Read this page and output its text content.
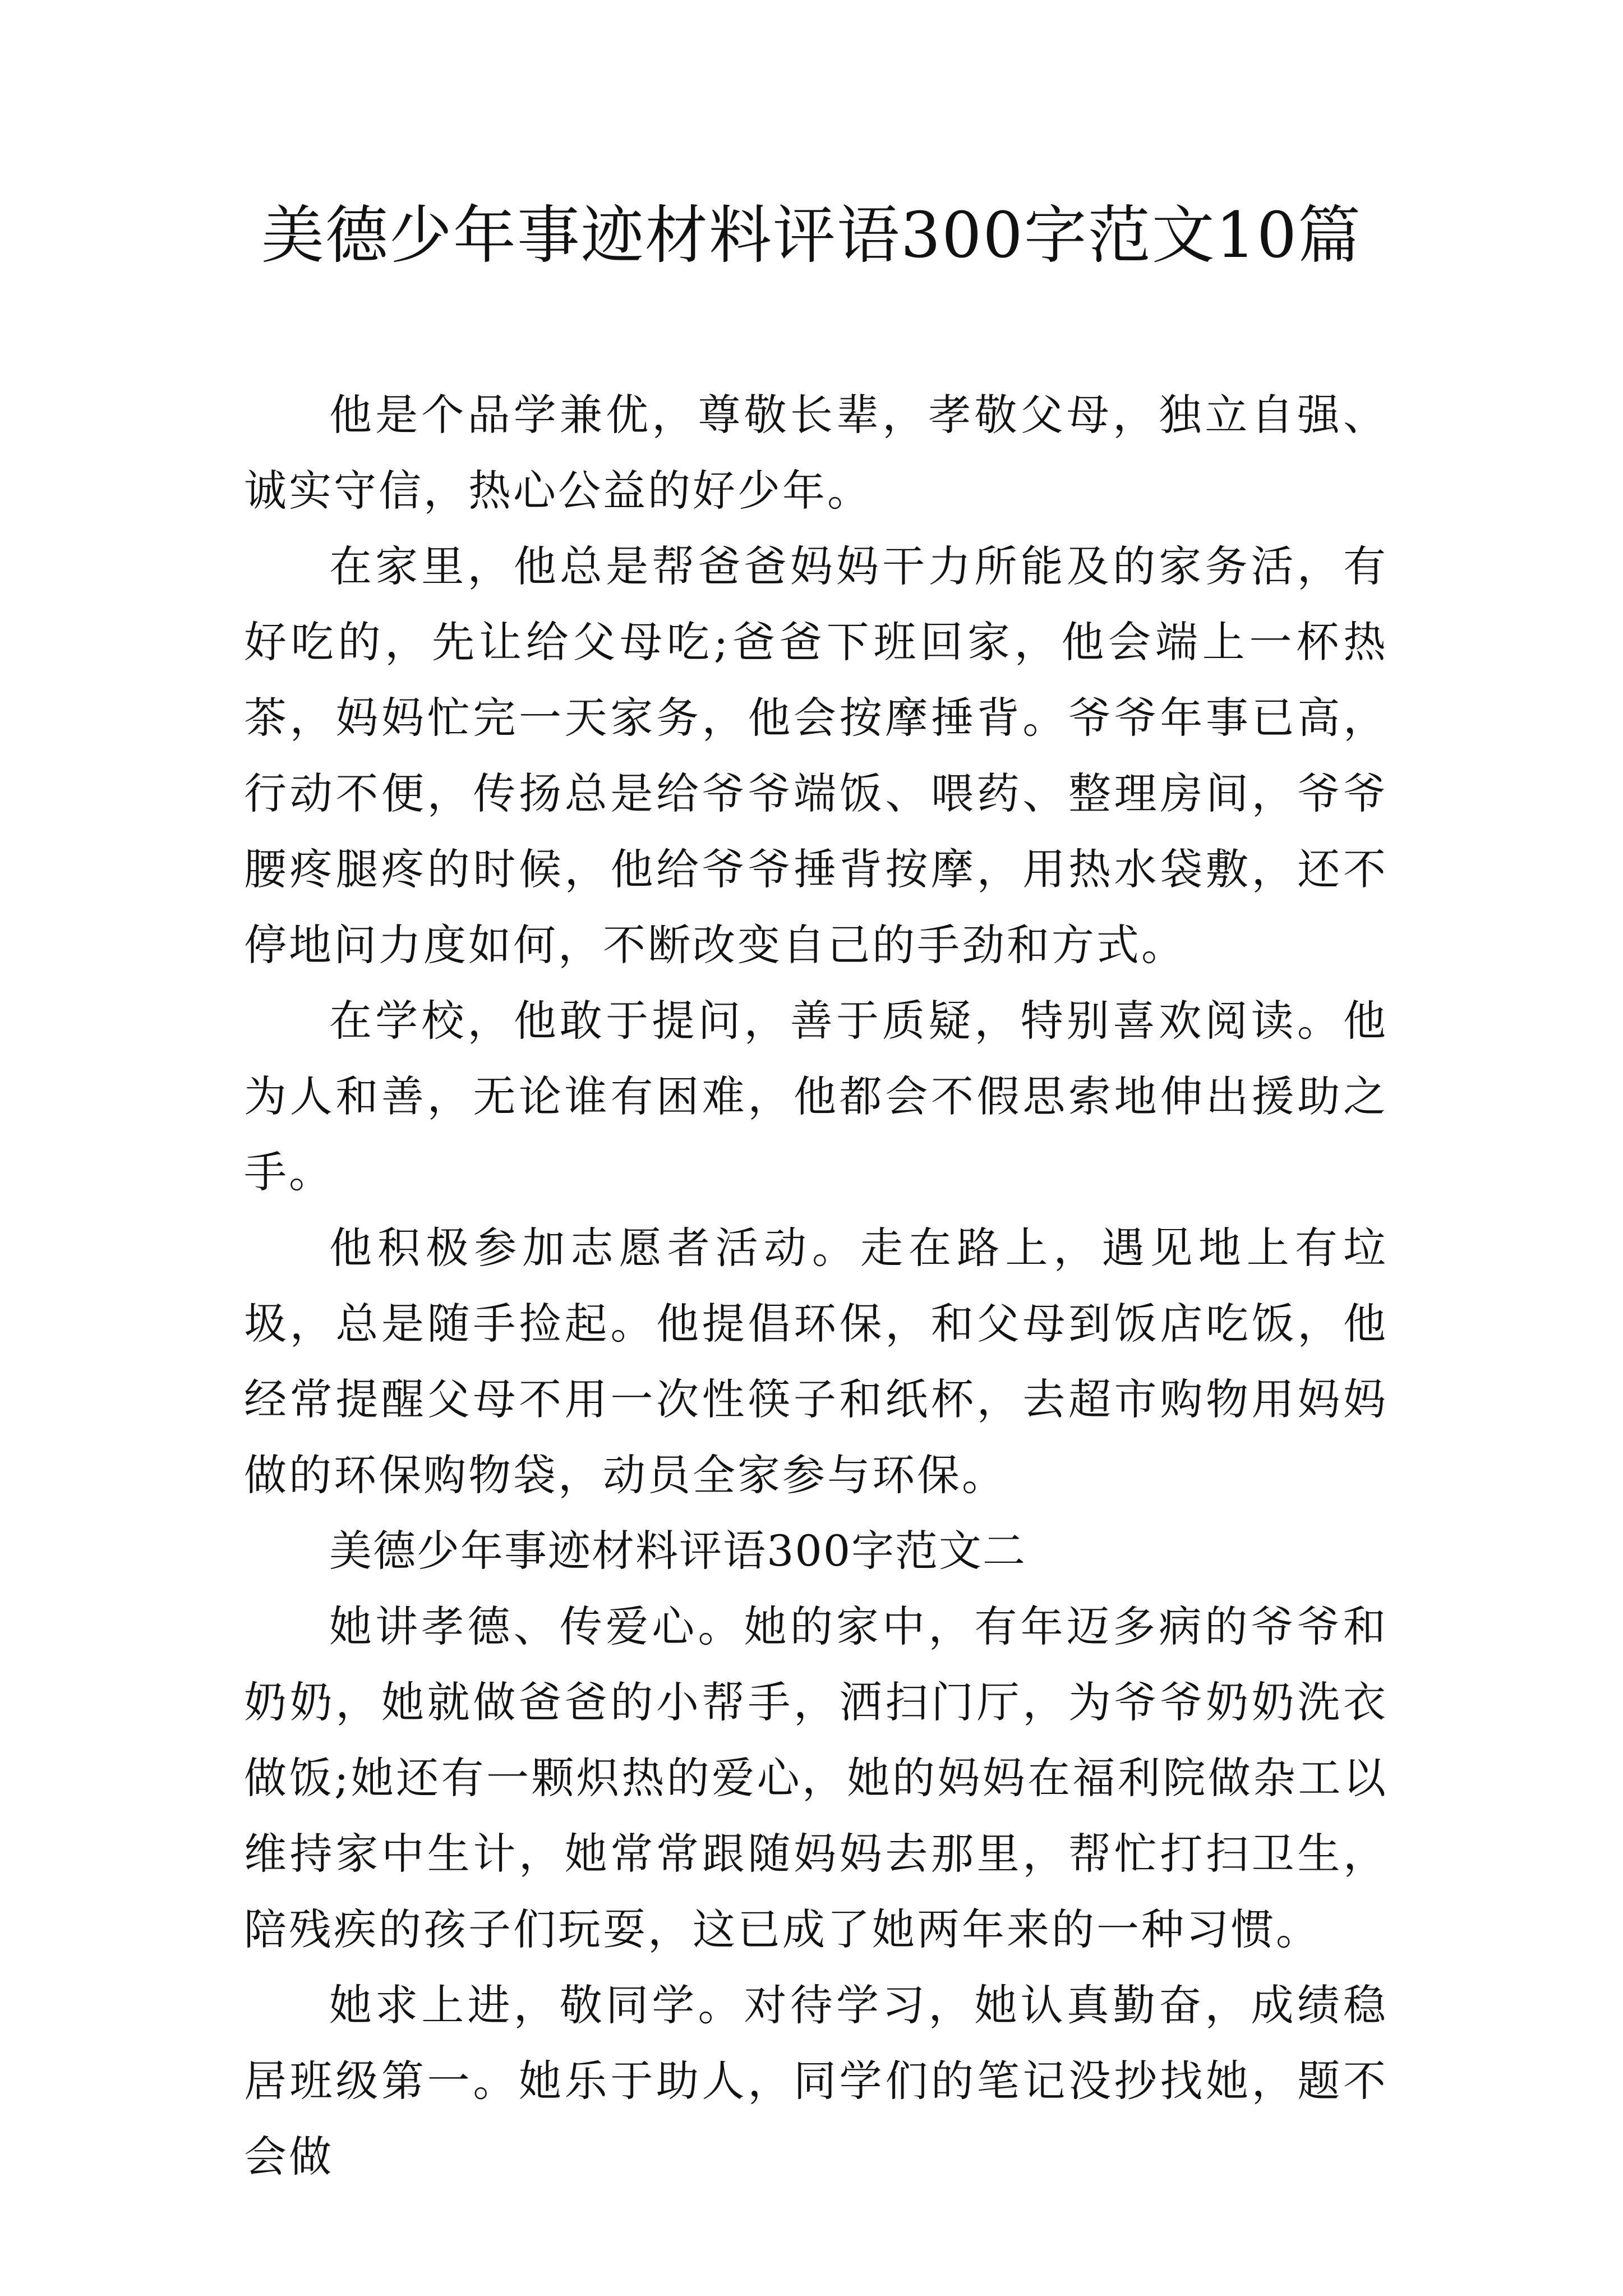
美德少年事迹材料评语300字范文10篇

他是个品学兼优，尊敬长辈，孝敬父母，独立自强、诚实守信，热心公益的好少年。

在家里，他总是帮爸爸妈妈干力所能及的家务活，有好吃的，先让给父母吃;爸爸下班回家，他会端上一杯热茶，妈妈忙完一天家务，他会按摩捶背。爷爷年事已高，行动不便，传扬总是给爷爷端饭、喂药、整理房间，爷爷腰疼腿疼的时候，他给爷爷捶背按摩，用热水袋敷，还不停地问力度如何，不断改变自己的手劲和方式。

在学校，他敢于提问，善于质疑，特别喜欢阅读。他为人和善，无论谁有困难，他都会不假思索地伸出援助之手。

他积极参加志愿者活动。走在路上，遇见地上有垃圾，总是随手捡起。他提倡环保，和父母到饭店吃饭，他经常提醒父母不用一次性筷子和纸杯，去超市购物用妈妈做的环保购物袋，动员全家参与环保。

美德少年事迹材料评语300字范文二

她讲孝德、传爱心。她的家中，有年迈多病的爷爷和奶奶，她就做爸爸的小帮手，洒扫门厅，为爷爷奶奶洗衣做饭;她还有一颗炽热的爱心，她的妈妈在福利院做杂工以维持家中生计，她常常跟随妈妈去那里，帮忙打扫卫生，陪残疾的孩子们玩耍，这已成了她两年来的一种习惯。

她求上进，敬同学。对待学习，她认真勤奋，成绩稳居班级第一。她乐于助人，同学们的笔记没抄找她，题不会做
